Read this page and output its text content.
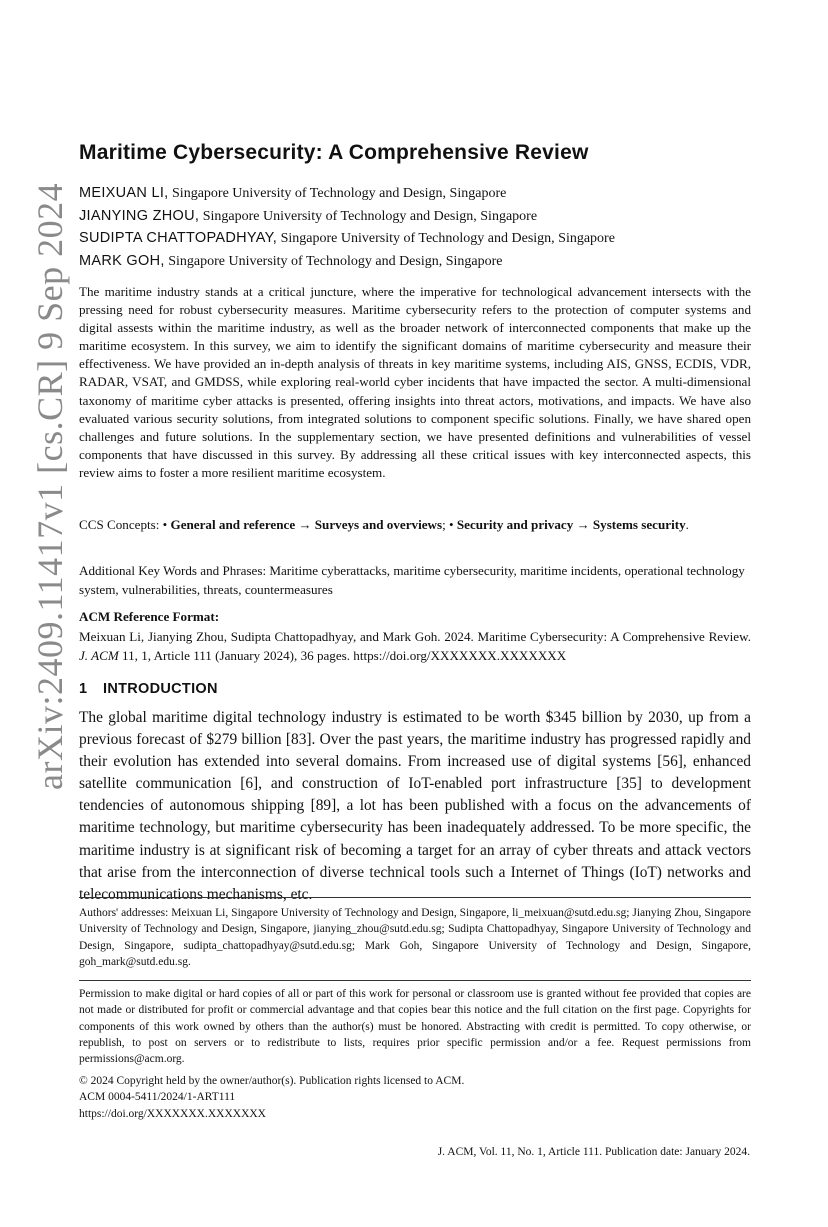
arXiv:2409.11417v1 [cs.CR] 9 Sep 2024
Maritime Cybersecurity: A Comprehensive Review
MEIXUAN LI, Singapore University of Technology and Design, Singapore
JIANYING ZHOU, Singapore University of Technology and Design, Singapore
SUDIPTA CHATTOPADHYAY, Singapore University of Technology and Design, Singapore
MARK GOH, Singapore University of Technology and Design, Singapore
The maritime industry stands at a critical juncture, where the imperative for technological advancement intersects with the pressing need for robust cybersecurity measures. Maritime cybersecurity refers to the protection of computer systems and digital assests within the maritime industry, as well as the broader network of interconnected components that make up the maritime ecosystem. In this survey, we aim to identify the significant domains of maritime cybersecurity and measure their effectiveness. We have provided an in-depth analysis of threats in key maritime systems, including AIS, GNSS, ECDIS, VDR, RADAR, VSAT, and GMDSS, while exploring real-world cyber incidents that have impacted the sector. A multi-dimensional taxonomy of maritime cyber attacks is presented, offering insights into threat actors, motivations, and impacts. We have also evaluated various security solutions, from integrated solutions to component specific solutions. Finally, we have shared open challenges and future solutions. In the supplementary section, we have presented definitions and vulnerabilities of vessel components that have discussed in this survey. By addressing all these critical issues with key interconnected aspects, this review aims to foster a more resilient maritime ecosystem.
CCS Concepts: • General and reference → Surveys and overviews; • Security and privacy → Systems security.
Additional Key Words and Phrases: Maritime cyberattacks, maritime cybersecurity, maritime incidents, operational technology system, vulnerabilities, threats, countermeasures
ACM Reference Format:
Meixuan Li, Jianying Zhou, Sudipta Chattopadhyay, and Mark Goh. 2024. Maritime Cybersecurity: A Comprehensive Review. J. ACM 11, 1, Article 111 (January 2024), 36 pages. https://doi.org/XXXXXXX.XXXXXXX
1 INTRODUCTION
The global maritime digital technology industry is estimated to be worth $345 billion by 2030, up from a previous forecast of $279 billion [83]. Over the past years, the maritime industry has progressed rapidly and their evolution has extended into several domains. From increased use of digital systems [56], enhanced satellite communication [6], and construction of IoT-enabled port infrastructure [35] to development tendencies of autonomous shipping [89], a lot has been published with a focus on the advancements of maritime technology, but maritime cybersecurity has been inadequately addressed. To be more specific, the maritime industry is at significant risk of becoming a target for an array of cyber threats and attack vectors that arise from the interconnection of diverse technical tools such a Internet of Things (IoT) networks and telecommunications mechanisms, etc.
Authors' addresses: Meixuan Li, Singapore University of Technology and Design, Singapore, li_meixuan@sutd.edu.sg; Jianying Zhou, Singapore University of Technology and Design, Singapore, jianying_zhou@sutd.edu.sg; Sudipta Chattopadhyay, Singapore University of Technology and Design, Singapore, sudipta_chattopadhyay@sutd.edu.sg; Mark Goh, Singapore University of Technology and Design, Singapore, goh_mark@sutd.edu.sg.
Permission to make digital or hard copies of all or part of this work for personal or classroom use is granted without fee provided that copies are not made or distributed for profit or commercial advantage and that copies bear this notice and the full citation on the first page. Copyrights for components of this work owned by others than the author(s) must be honored. Abstracting with credit is permitted. To copy otherwise, or republish, to post on servers or to redistribute to lists, requires prior specific permission and/or a fee. Request permissions from permissions@acm.org.
© 2024 Copyright held by the owner/author(s). Publication rights licensed to ACM.
ACM 0004-5411/2024/1-ART111
https://doi.org/XXXXXXX.XXXXXXX
J. ACM, Vol. 11, No. 1, Article 111. Publication date: January 2024.
